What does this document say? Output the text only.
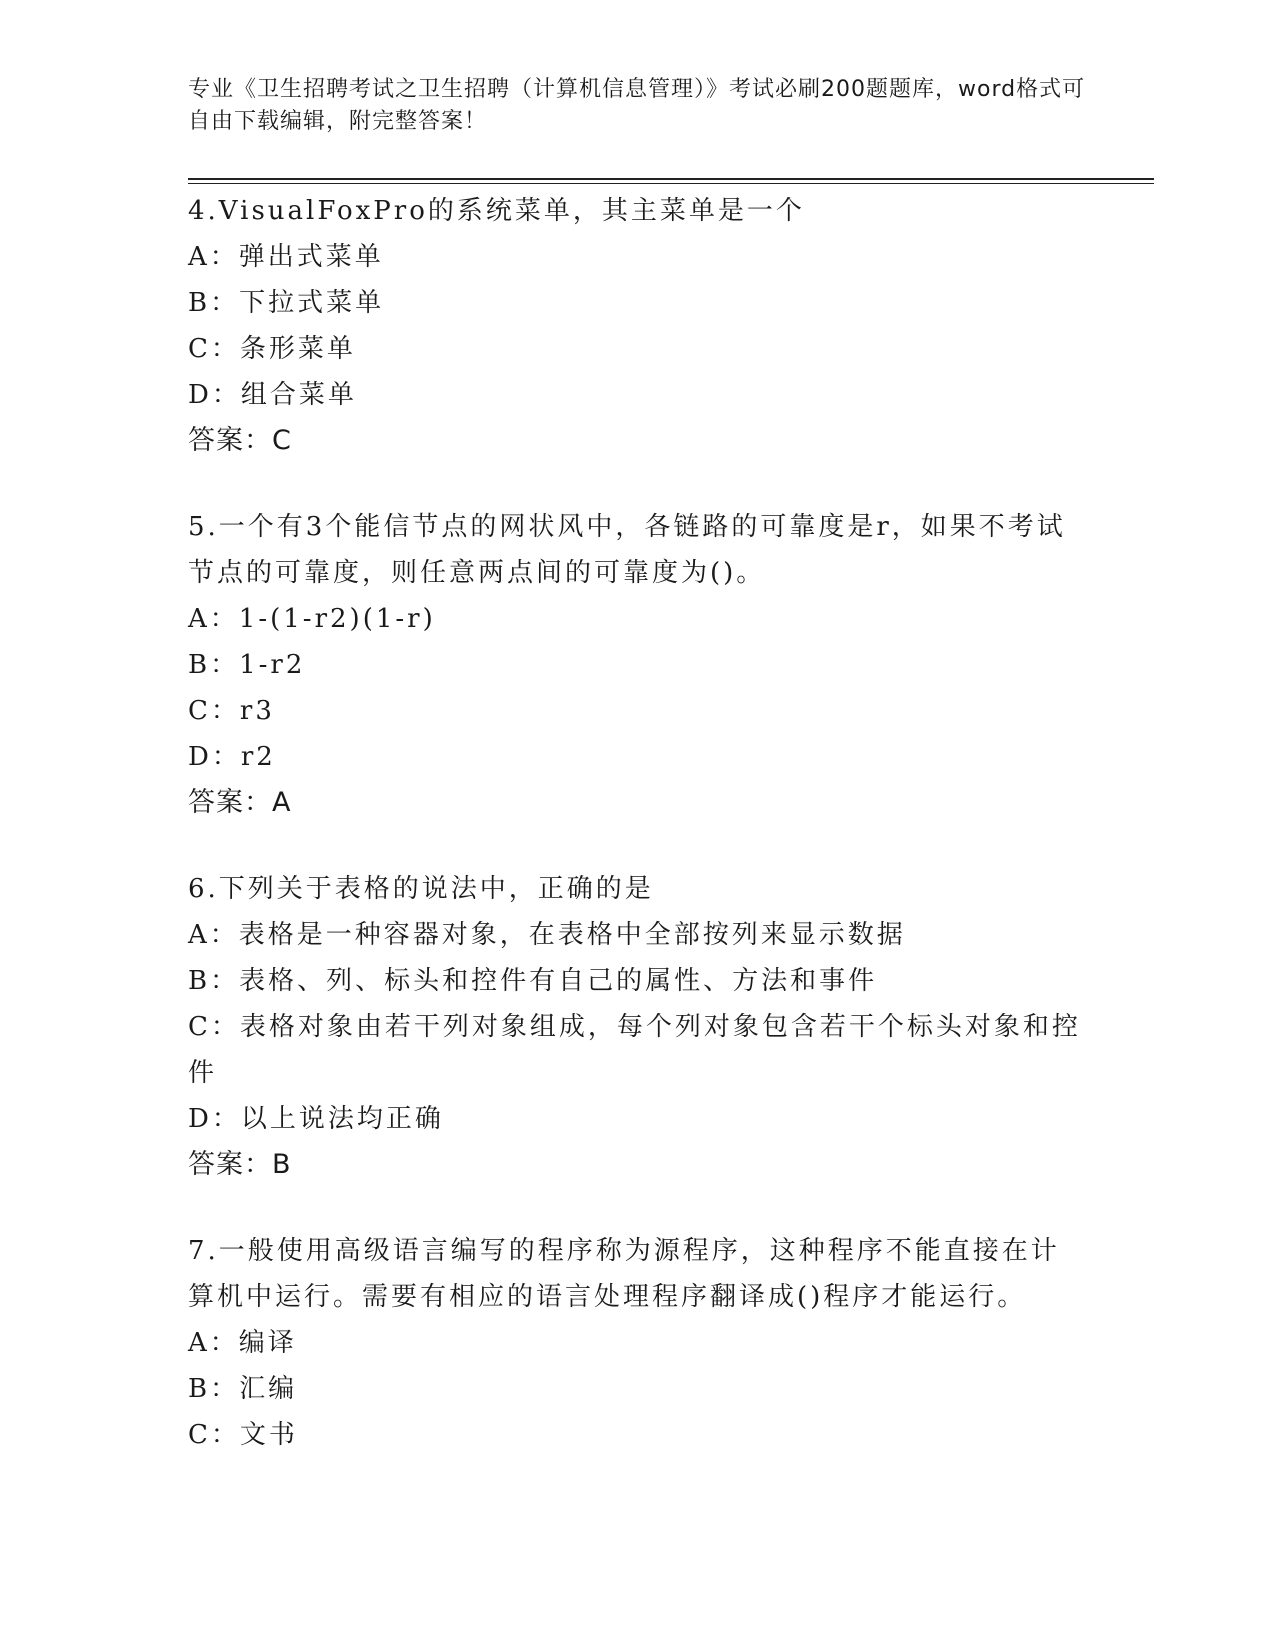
专业《卫生招聘考试之卫生招聘（计算机信息管理）》考试必刷200题题库，word格式可自由下载编辑，附完整答案！
4.VisualFoxPro的系统菜单，其主菜单是一个
A：弹出式菜单
B：下拉式菜单
C：条形菜单
D：组合菜单
答案：C
5.一个有3个能信节点的网状风中，各链路的可靠度是r，如果不考试节点的可靠度，则任意两点间的可靠度为()。
A：1-(1-r2)(1-r)
B：1-r2
C：r3
D：r2
答案：A
6.下列关于表格的说法中，正确的是
A：表格是一种容器对象，在表格中全部按列来显示数据
B：表格、列、标头和控件有自己的属性、方法和事件
C：表格对象由若干列对象组成，每个列对象包含若干个标头对象和控件
D：以上说法均正确
答案：B
7.一般使用高级语言编写的程序称为源程序，这种程序不能直接在计算机中运行。需要有相应的语言处理程序翻译成()程序才能运行。
A：编译
B：汇编
C：文书
